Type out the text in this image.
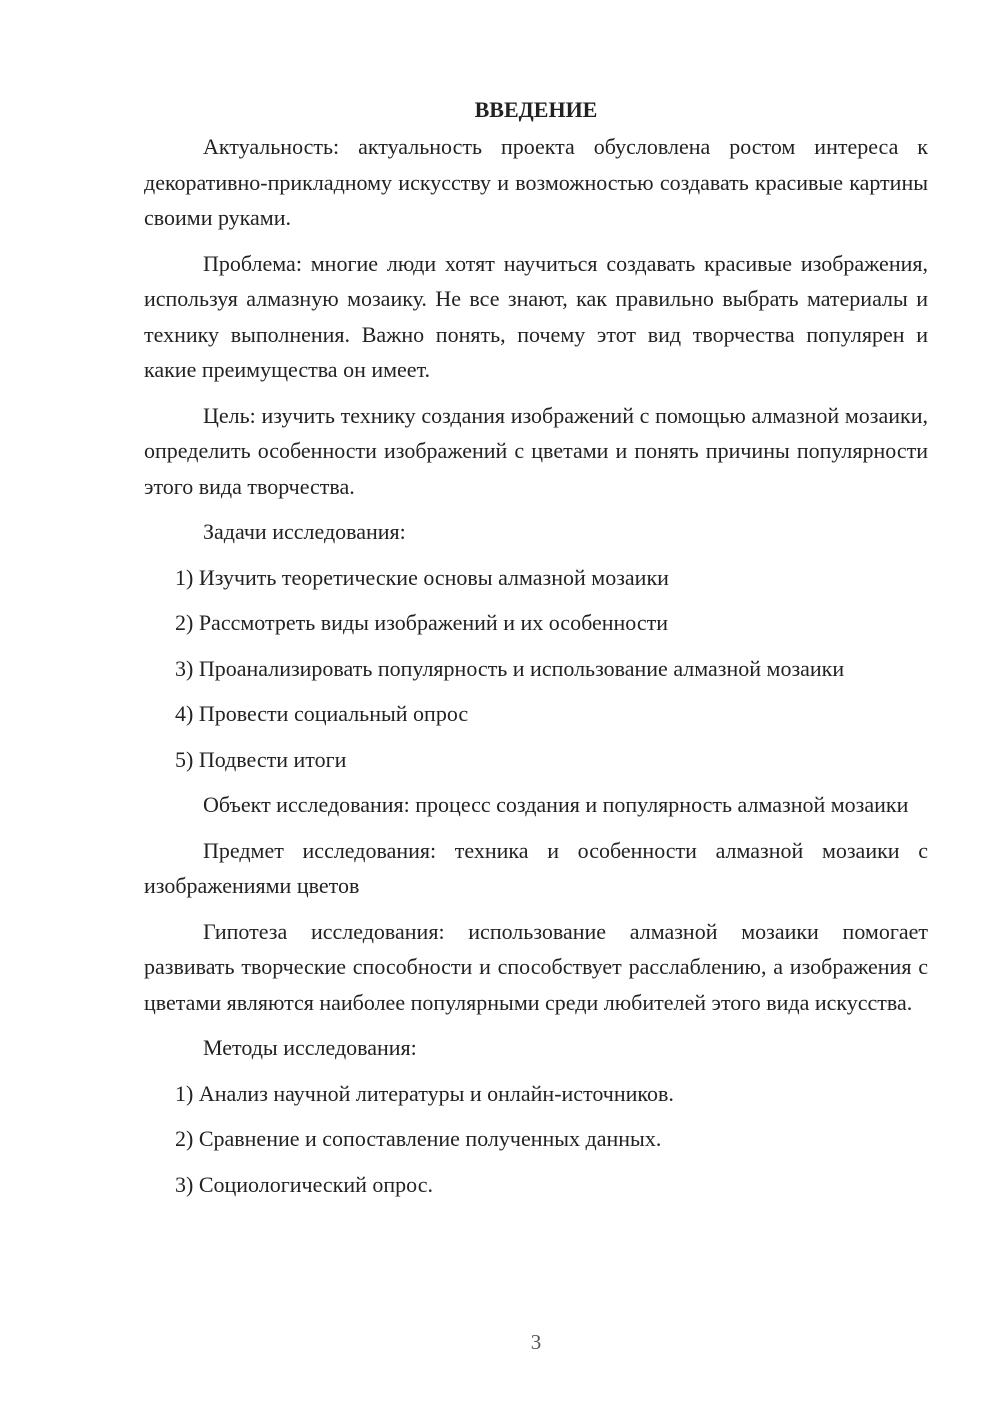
ВВЕДЕНИЕ

Актуальность: актуальность проекта обусловлена ростом интереса к декоративно-прикладному искусству и возможностью создавать красивые картины своими руками.

Проблема: многие люди хотят научиться создавать красивые изображения, используя алмазную мозаику. Не все знают, как правильно выбрать материалы и технику выполнения. Важно понять, почему этот вид творчества популярен и какие преимущества он имеет.

Цель: изучить технику создания изображений с помощью алмазной мозаики, определить особенности изображений с цветами и понять причины популярности этого вида творчества.

Задачи исследования:

1) Изучить теоретические основы алмазной мозаики

2) Рассмотреть виды изображений и их особенности

3) Проанализировать популярность и использование алмазной мозаики

4) Провести социальный опрос

5) Подвести итоги

Объект исследования: процесс создания и популярность алмазной мозаики

Предмет исследования: техника и особенности алмазной мозаики с изображениями цветов

Гипотеза исследования: использование алмазной мозаики помогает развивать творческие способности и способствует расслаблению, а изображения с цветами являются наиболее популярными среди любителей этого вида искусства.

Методы исследования:

1) Анализ научной литературы и онлайн-источников.

2) Сравнение и сопоставление полученных данных.

3) Социологический опрос.

3
